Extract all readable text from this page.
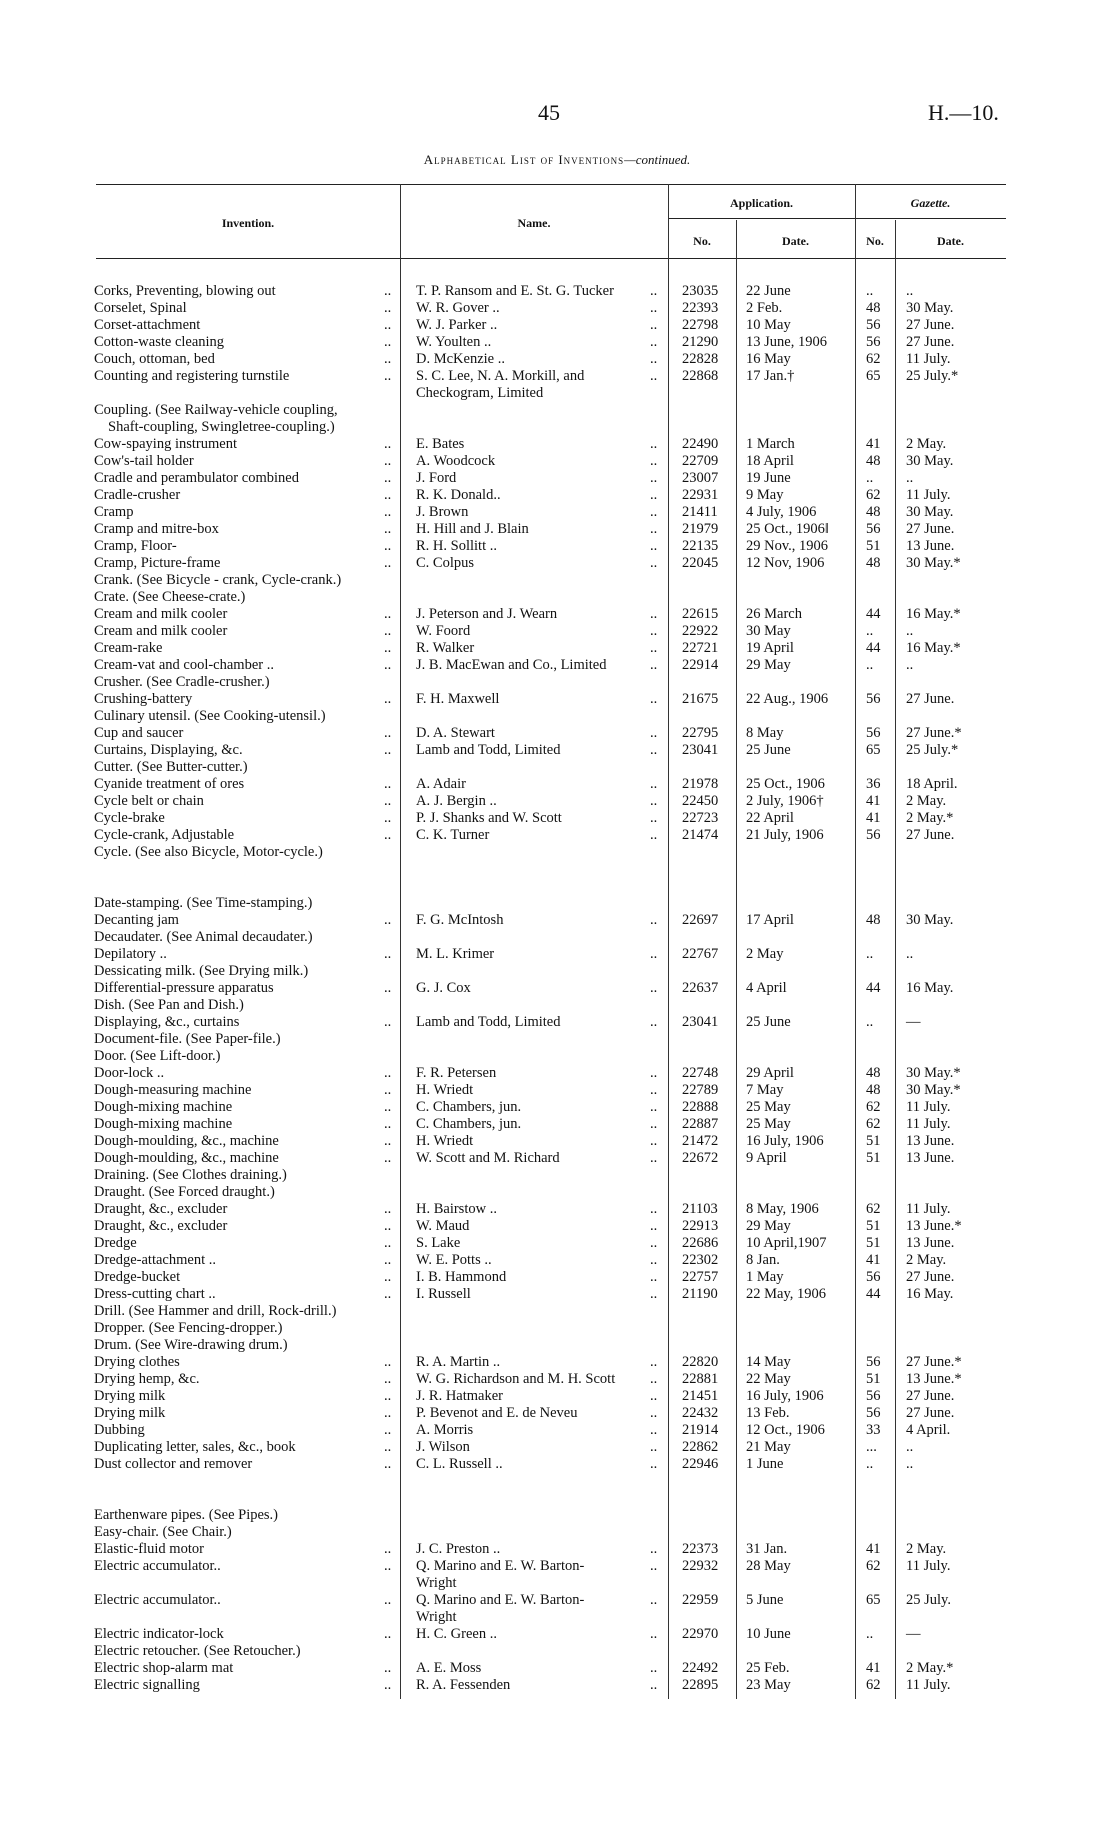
45	H.—10.
Alphabetical List of Inventions—continued.
Invention.	Name.
Application.
No.	Date.
Gazette.
No.	Date.
Corks, Preventing, blowing out	.. T. P. Ransom and E. St. G. Tucker	.. 23035 22 June	.. ..
Corselet, Spinal	.. W. R. Gover ..	.. 22393 2 Feb.	48 30 May.
Corset-attachment	.. W. J. Parker ..	.. 22798 10 May	56 27 June.
Cotton-waste cleaning	.. W. Youlten ..	.. 21290 13 June, 1906	56 27 June.
Couch, ottoman, bed	.. D. McKenzie ..	.. 22828 16 May	62 11 July.
Counting and registering turnstile	.. S. C. Lee, N. A. Morkill, and	.. 22868 17 Jan.†	65 25 July.*
Checkogram, Limited
Coupling. (See Railway-vehicle coupling,
Shaft-coupling, Swingletree-coupling.)
Cow-spaying instrument	.. E. Bates	.. 22490 1 March	41 2 May.
Cow's-tail holder	.. A. Woodcock	.. 22709 18 April	48 30 May.
Cradle and perambulator combined	.. J. Ford	.. 23007 19 June	.. ..
Cradle-crusher	.. R. K. Donald..	.. 22931 9 May	62 11 July.
Cramp	.. J. Brown	.. 21411 4 July, 1906	48 30 May.
Cramp and mitre-box	.. H. Hill and J. Blain	.. 21979 25 Oct., 1906‖	56 27 June.
Cramp, Floor-	.. R. H. Sollitt ..	.. 22135 29 Nov., 1906	51 13 June.
Cramp, Picture-frame	.. C. Colpus	.. 22045 12 Nov, 1906	48 30 May.*
Crank. (See Bicycle - crank, Cycle-crank.)
Crate. (See Cheese-crate.)
Cream and milk cooler	.. J. Peterson and J. Wearn	.. 22615 26 March	44 16 May.*
Cream and milk cooler	.. W. Foord	.. 22922 30 May	.. ..
Cream-rake	.. R. Walker	.. 22721 19 April	44 16 May.*
Cream-vat and cool-chamber ..	.. J. B. MacEwan and Co., Limited	.. 22914 29 May	.. ..
Crusher. (See Cradle-crusher.)
Crushing-battery	.. F. H. Maxwell	.. 21675 22 Aug., 1906	56 27 June.
Culinary utensil. (See Cooking-utensil.)
Cup and saucer	.. D. A. Stewart	.. 22795 8 May	56 27 June.*
Curtains, Displaying, &c.	.. Lamb and Todd, Limited	.. 23041 25 June	65 25 July.*
Cutter. (See Butter-cutter.)
Cyanide treatment of ores	.. A. Adair	.. 21978 25 Oct., 1906	36 18 April.
Cycle belt or chain	.. A. J. Bergin ..	.. 22450 2 July, 1906†	41 2 May.
Cycle-brake	.. P. J. Shanks and W. Scott	.. 22723 22 April	41 2 May.*
Cycle-crank, Adjustable	.. C. K. Turner	.. 21474 21 July, 1906	56 27 June.
Cycle. (See also Bicycle, Motor-cycle.)
Date-stamping. (See Time-stamping.)
Decanting jam	.. F. G. McIntosh	.. 22697 17 April	48 30 May.
Decaudater. (See Animal decaudater.)
Depilatory ..	.. M. L. Krimer	.. 22767 2 May	.. ..
Dessicating milk. (See Drying milk.)
Differential-pressure apparatus	.. G. J. Cox	.. 22637 4 April	44 16 May.
Dish. (See Pan and Dish.)
Displaying, &c., curtains	.. Lamb and Todd, Limited	.. 23041 25 June	.. —
Document-file. (See Paper-file.)
Door. (See Lift-door.)
Door-lock ..	.. F. R. Petersen	.. 22748 29 April	48 30 May.*
Dough-measuring machine	.. H. Wriedt	.. 22789 7 May	48 30 May.*
Dough-mixing machine	.. C. Chambers, jun.	.. 22888 25 May	62 11 July.
Dough-mixing machine	.. C. Chambers, jun.	.. 22887 25 May	62 11 July.
Dough-moulding, &c., machine	.. H. Wriedt	.. 21472 16 July, 1906	51 13 June.
Dough-moulding, &c., machine	.. W. Scott and M. Richard	.. 22672 9 April	51 13 June.
Draining. (See Clothes draining.)
Draught. (See Forced draught.)
Draught, &c., excluder	.. H. Bairstow ..	.. 21103 8 May, 1906	62 11 July.
Draught, &c., excluder	.. W. Maud	.. 22913 29 May	51 13 June.*
Dredge	.. S. Lake	.. 22686 10 April,1907	51 13 June.
Dredge-attachment ..	.. W. E. Potts ..	.. 22302 8 Jan.	41 2 May.
Dredge-bucket	.. I. B. Hammond	.. 22757 1 May	56 27 June.
Dress-cutting chart ..	.. I. Russell	.. 21190 22 May, 1906	44 16 May.
Drill. (See Hammer and drill, Rock-drill.)
Dropper. (See Fencing-dropper.)
Drum. (See Wire-drawing drum.)
Drying clothes	.. R. A. Martin ..	.. 22820 14 May	56 27 June.*
Drying hemp, &c.	.. W. G. Richardson and M. H. Scott	.. 22881 22 May	51 13 June.*
Drying milk	.. J. R. Hatmaker	.. 21451 16 July, 1906	56 27 June.
Drying milk	.. P. Bevenot and E. de Neveu	.. 22432 13 Feb.	56 27 June.
Dubbing	.. A. Morris	.. 21914 12 Oct., 1906	33 4 April.
Duplicating letter, sales, &c., book	.. J. Wilson	.. 22862 21 May	... ..
Dust collector and remover	.. C. L. Russell ..	.. 22946 1 June	.. ..
Earthenware pipes. (See Pipes.)
Easy-chair. (See Chair.)
Elastic-fluid motor	.. J. C. Preston ..	.. 22373 31 Jan.	41 2 May.
Electric accumulator..	.. Q. Marino and E. W. Barton-	.. 22932 28 May	62 11 July.
Wright
Electric accumulator..	.. Q. Marino and E. W. Barton-	.. 22959 5 June	65 25 July.
Wright
Electric indicator-lock	.. H. C. Green ..	.. 22970 10 June	.. —
Electric retoucher. (See Retoucher.)
Electric shop-alarm mat	.. A. E. Moss	.. 22492 25 Feb.	41 2 May.*
Electric signalling	.. R. A. Fessenden	.. 22895 23 May	62 11 July.
